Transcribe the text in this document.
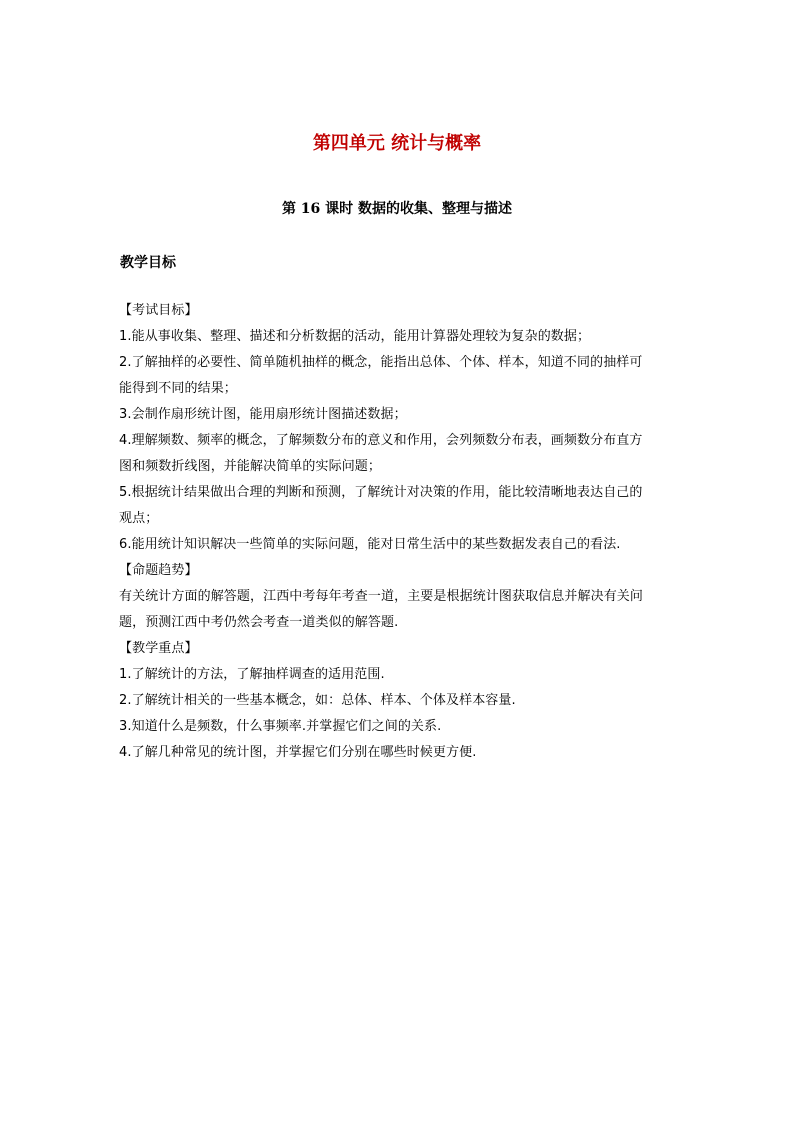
第四单元 统计与概率
第 16 课时 数据的收集、整理与描述
教学目标

【考试目标】

1.能从事收集、整理、描述和分析数据的活动，能用计算器处理较为复杂的数据；

2.了解抽样的必要性、简单随机抽样的概念，能指出总体、个体、样本，知道不同的抽样可

能得到不同的结果；

3.会制作扇形统计图，能用扇形统计图描述数据；

4.理解频数、频率的概念，了解频数分布的意义和作用，会列频数分布表，画频数分布直方

图和频数折线图，并能解决简单的实际问题；

5.根据统计结果做出合理的判断和预测，了解统计对决策的作用，能比较清晰地表达自己的

观点；

6.能用统计知识解决一些简单的实际问题，能对日常生活中的某些数据发表自己的看法.

【命题趋势】

有关统计方面的解答题，江西中考每年考查一道，主要是根据统计图获取信息并解决有关问

题，预测江西中考仍然会考查一道类似的解答题.

【教学重点】

1.了解统计的方法，了解抽样调查的适用范围.

2.了解统计相关的一些基本概念，如：总体、样本、个体及样本容量.

3.知道什么是频数，什么事频率.并掌握它们之间的关系.

4.了解几种常见的统计图，并掌握它们分别在哪些时候更方便.
